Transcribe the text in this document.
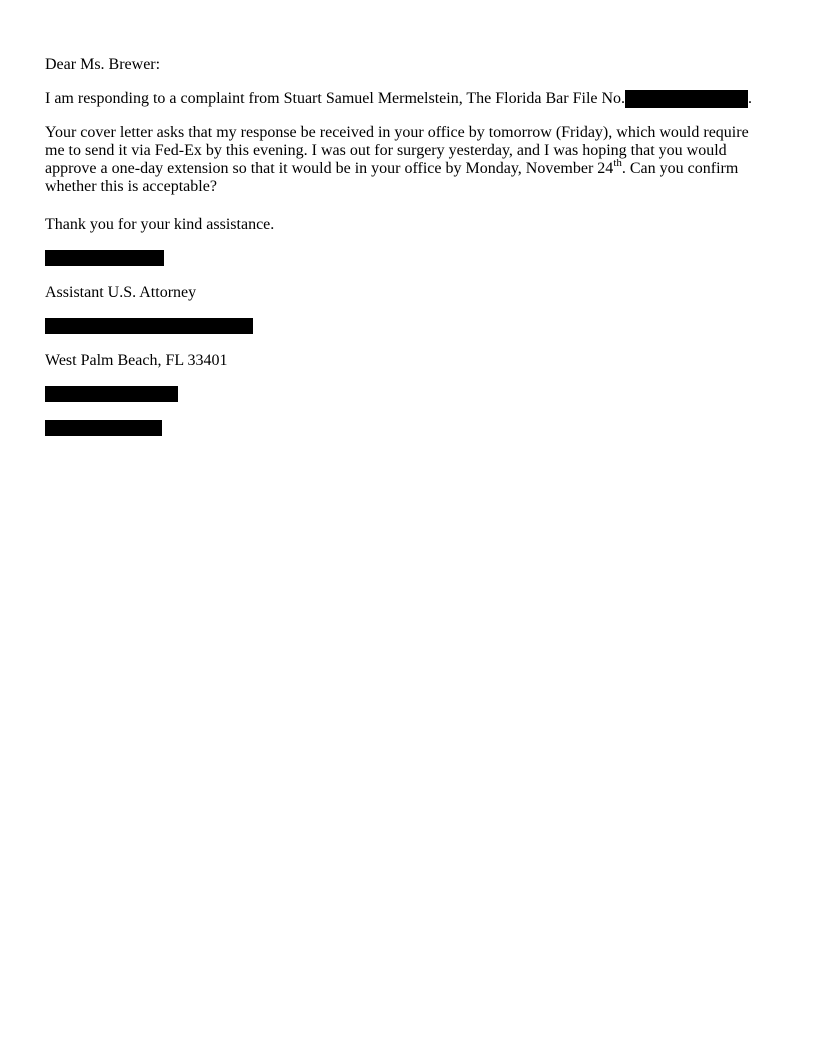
Dear Ms. Brewer:

I am responding to a complaint from Stuart Samuel Mermelstein, The Florida Bar File No.	.

Your cover letter asks that my response be received in your office by tomorrow (Friday), which would require
me to send it via Fed-Ex by this evening. I was out for surgery yesterday, and I was hoping that you would
approve a one-day extension so that it would be in your office by Monday, November 24th. Can you confirm
whether this is acceptable?

Thank you for your kind assistance.

Assistant U.S. Attorney

West Palm Beach, FL 33401
